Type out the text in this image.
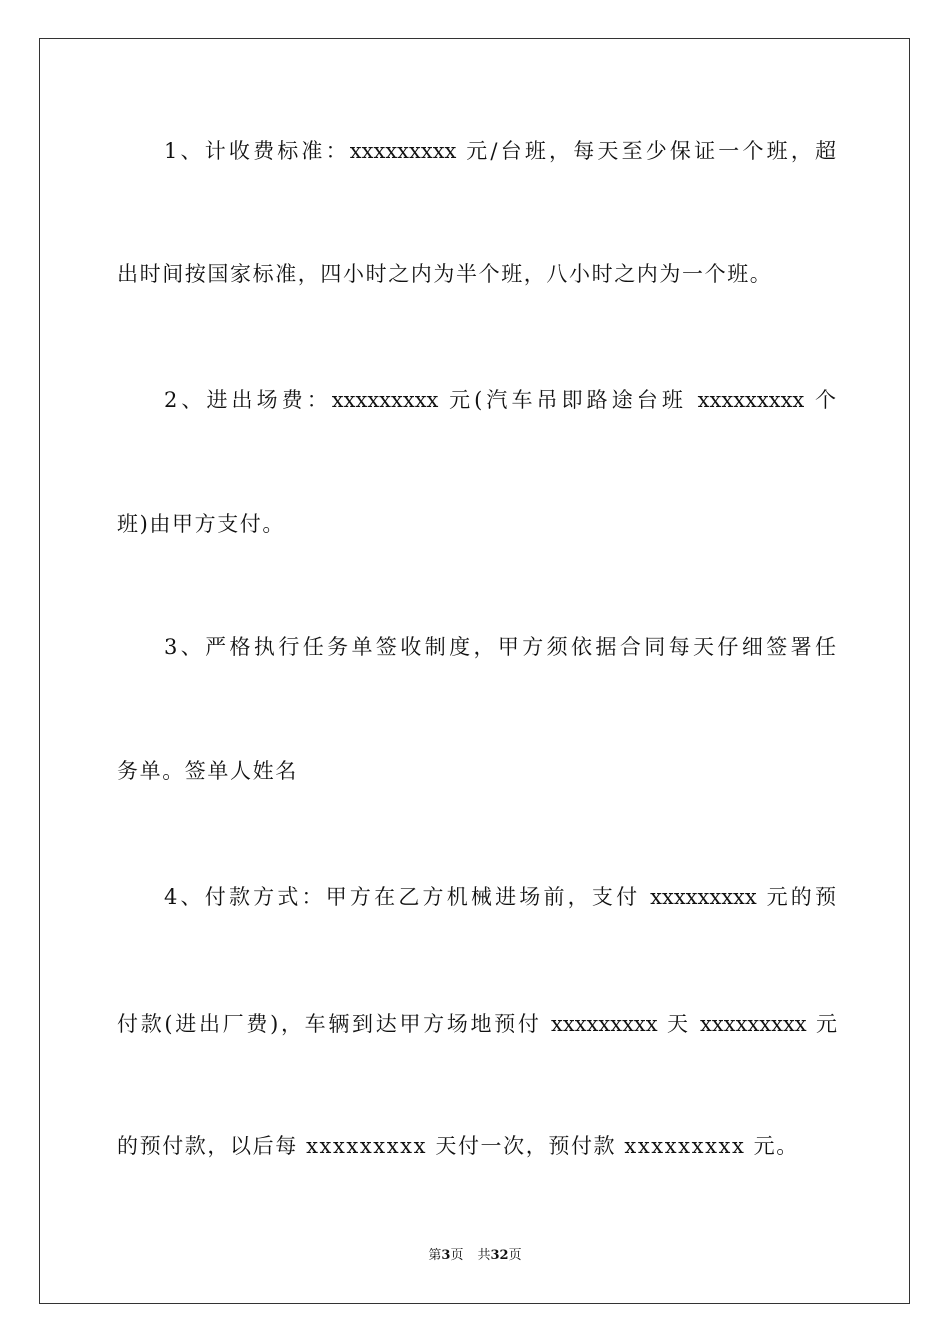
1、计收费标准：xxxxxxxxx 元/台班，每天至少保证一个班，超
出时间按国家标准，四小时之内为半个班，八小时之内为一个班。
2、进出场费：xxxxxxxxx 元(汽车吊即路途台班 xxxxxxxxx 个
班)由甲方支付。
3、严格执行任务单签收制度，甲方须依据合同每天仔细签署任
务单。签单人姓名
4、付款方式：甲方在乙方机械进场前，支付 xxxxxxxxx 元的预
付款(进出厂费)，车辆到达甲方场地预付 xxxxxxxxx 天 xxxxxxxxx 元
的预付款，以后每 xxxxxxxxx 天付一次，预付款 xxxxxxxxx 元。
第3页 共32页
